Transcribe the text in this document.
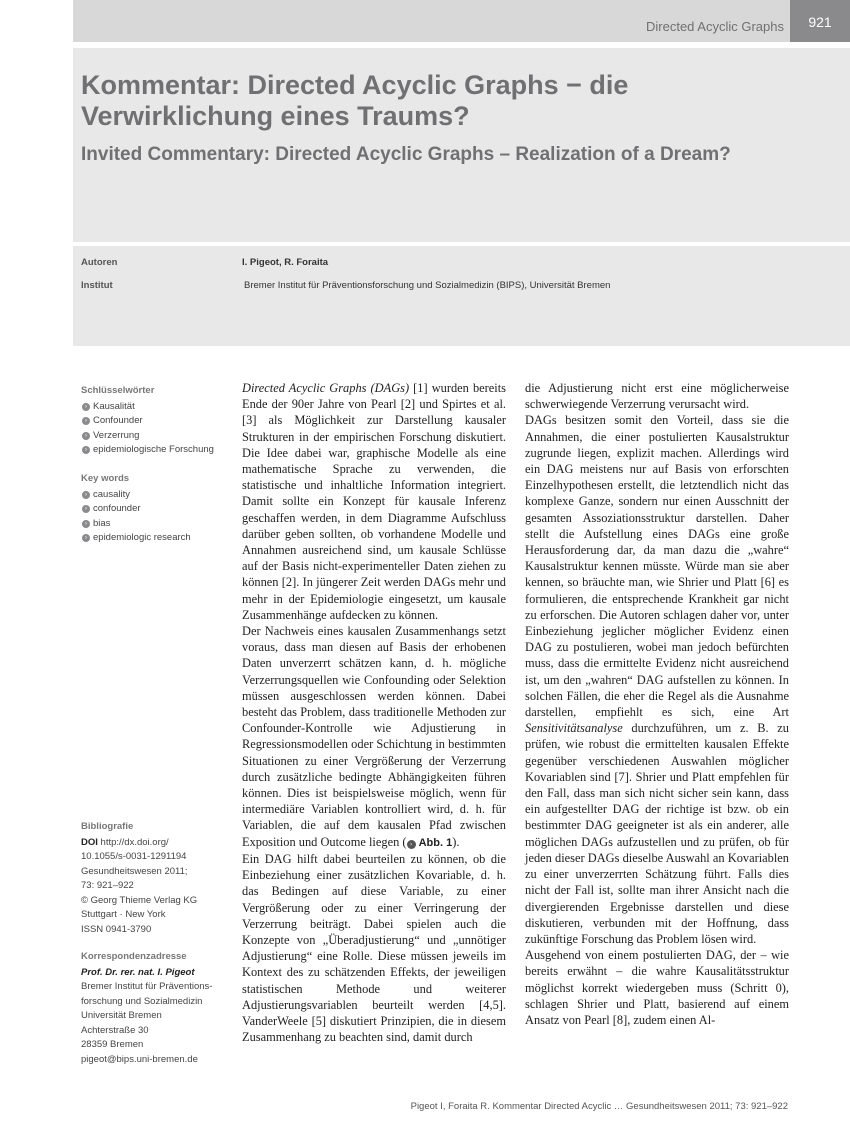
Directed Acyclic Graphs	921
Kommentar: Directed Acyclic Graphs − die Verwirklichung eines Traums?
Invited Commentary: Directed Acyclic Graphs – Realization of a Dream?
Autoren	I. Pigeot, R. Foraita
Institut	Bremer Institut für Präventionsforschung und Sozialmedizin (BIPS), Universität Bremen

Schlüsselwörter

› Kausalität
› Confounder
› Verzerrung
› epidemiologische Forschung

Key words

› causality
› confounder
› bias
› epidemiologic research

Bibliografie

DOI http://dx.doi.org/
10.1055/s-0031-1291194
Gesundheitswesen 2011;
73: 921–922
© Georg Thieme Verlag KG
Stuttgart · New York
ISSN 0941-3790

Korrespondenzadresse

Prof. Dr. rer. nat. I. Pigeot
Bremer Institut für Präventions-
forschung und Sozialmedizin
Universität Bremen
Achterstraße 30
28359 Bremen
pigeot@bips.uni-bremen.de

Directed Acyclic Graphs (DAGs) [1] wurden bereits Ende der 90er Jahre von Pearl [2] und Spirtes et al. [3] als Möglichkeit zur Darstellung kausaler Strukturen in der empirischen Forschung diskutiert. Die Idee dabei war, graphische Modelle als eine mathematische Sprache zu verwenden, die statistische und inhaltliche Information integriert. Damit sollte ein Konzept für kausale Inferenz geschaffen werden, in dem Diagramme Aufschluss darüber geben sollten, ob vorhandene Modelle und Annahmen ausreichend sind, um kausale Schlüsse auf der Basis nicht-experimenteller Daten ziehen zu können [2]. In jüngerer Zeit werden DAGs mehr und mehr in der Epidemiologie eingesetzt, um kausale Zusammenhänge aufdecken zu können.

Der Nachweis eines kausalen Zusammenhangs setzt voraus, dass man diesen auf Basis der erhobenen Daten unverzerrt schätzen kann, d. h. mögliche Verzerrungsquellen wie Confounding oder Selektion müssen ausgeschlossen werden können. Dabei besteht das Problem, dass traditionelle Methoden zur Confounder-Kontrolle wie Adjustierung in Regressionsmodellen oder Schichtung in bestimmten Situationen zu einer Vergrößerung der Verzerrung durch zusätzliche bedingte Abhängigkeiten führen können. Dies ist beispielsweise möglich, wenn für intermediäre Variablen kontrolliert wird, d. h. für Variablen, die auf dem kausalen Pfad zwischen Exposition und Outcome liegen ( › Abb. 1).

Ein DAG hilft dabei beurteilen zu können, ob die Einbeziehung einer zusätzlichen Kovariable, d. h. das Bedingen auf diese Variable, zu einer Vergrößerung oder zu einer Verringerung der Verzerrung beiträgt. Dabei spielen auch die Konzepte von „Überadjustierung“ und „unnötiger Adjustierung“ eine Rolle. Diese müssen jeweils im Kontext des zu schätzenden Effekts, der jeweiligen statistischen Methode und weiterer Adjustierungsvariablen beurteilt werden [4,5]. VanderWeele [5] diskutiert Prinzipien, die in diesem Zusammenhang zu beachten sind, damit durch

die Adjustierung nicht erst eine möglicherweise schwerwiegende Verzerrung verursacht wird.

DAGs besitzen somit den Vorteil, dass sie die Annahmen, die einer postulierten Kausalstruktur zugrunde liegen, explizit machen. Allerdings wird ein DAG meistens nur auf Basis von erforschten Einzelhypothesen erstellt, die letztendlich nicht das komplexe Ganze, sondern nur einen Ausschnitt der gesamten Assoziationsstruktur darstellen. Daher stellt die Aufstellung eines DAGs eine große Herausforderung dar, da man dazu die „wahre“ Kausalstruktur kennen müsste. Würde man sie aber kennen, so bräuchte man, wie Shrier und Platt [6] es formulieren, die entsprechende Krankheit gar nicht zu erforschen. Die Autoren schlagen daher vor, unter Einbeziehung jeglicher möglicher Evidenz einen DAG zu postulieren, wobei man jedoch befürchten muss, dass die ermittelte Evidenz nicht ausreichend ist, um den „wahren“ DAG aufstellen zu können. In solchen Fällen, die eher die Regel als die Ausnahme darstellen, empfiehlt es sich, eine Art Sensitivitätsanalyse durchzuführen, um z. B. zu prüfen, wie robust die ermittelten kausalen Effekte gegenüber verschiedenen Auswahlen möglicher Kovariablen sind [7]. Shrier und Platt empfehlen für den Fall, dass man sich nicht sicher sein kann, dass ein aufgestellter DAG der richtige ist bzw. ob ein bestimmter DAG geeigneter ist als ein anderer, alle möglichen DAGs aufzustellen und zu prüfen, ob für jeden dieser DAGs dieselbe Auswahl an Kovariablen zu einer unverzerrten Schätzung führt. Falls dies nicht der Fall ist, sollte man ihrer Ansicht nach die divergierenden Ergebnisse darstellen und diese diskutieren, verbunden mit der Hoffnung, dass zukünftige Forschung das Problem lösen wird.

Ausgehend von einem postulierten DAG, der – wie bereits erwähnt – die wahre Kausalitätsstruktur möglichst korrekt wiedergeben muss (Schritt 0), schlagen Shrier und Platt, basierend auf einem Ansatz von Pearl [8], zudem einen Al-

Pigeot I, Foraita R. Kommentar Directed Acyclic … Gesundheitswesen 2011; 73: 921–922
